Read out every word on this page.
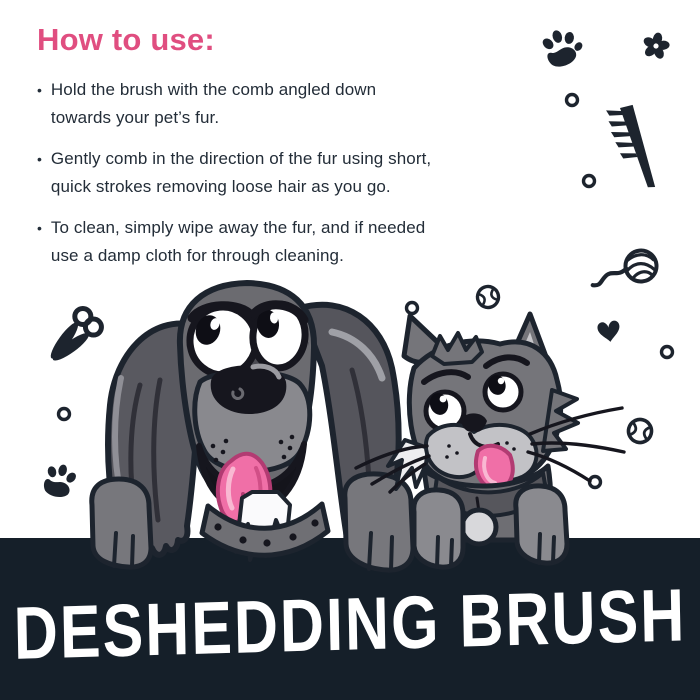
How to use:
• Hold the brush with the comb angled down
towards your pet’s fur.
• Gently comb in the direction of the fur using short,
quick strokes removing loose hair as you go.
• To clean, simply wipe away the fur, and if needed
use a damp cloth for through cleaning.
DESHEDDING BRUSH
